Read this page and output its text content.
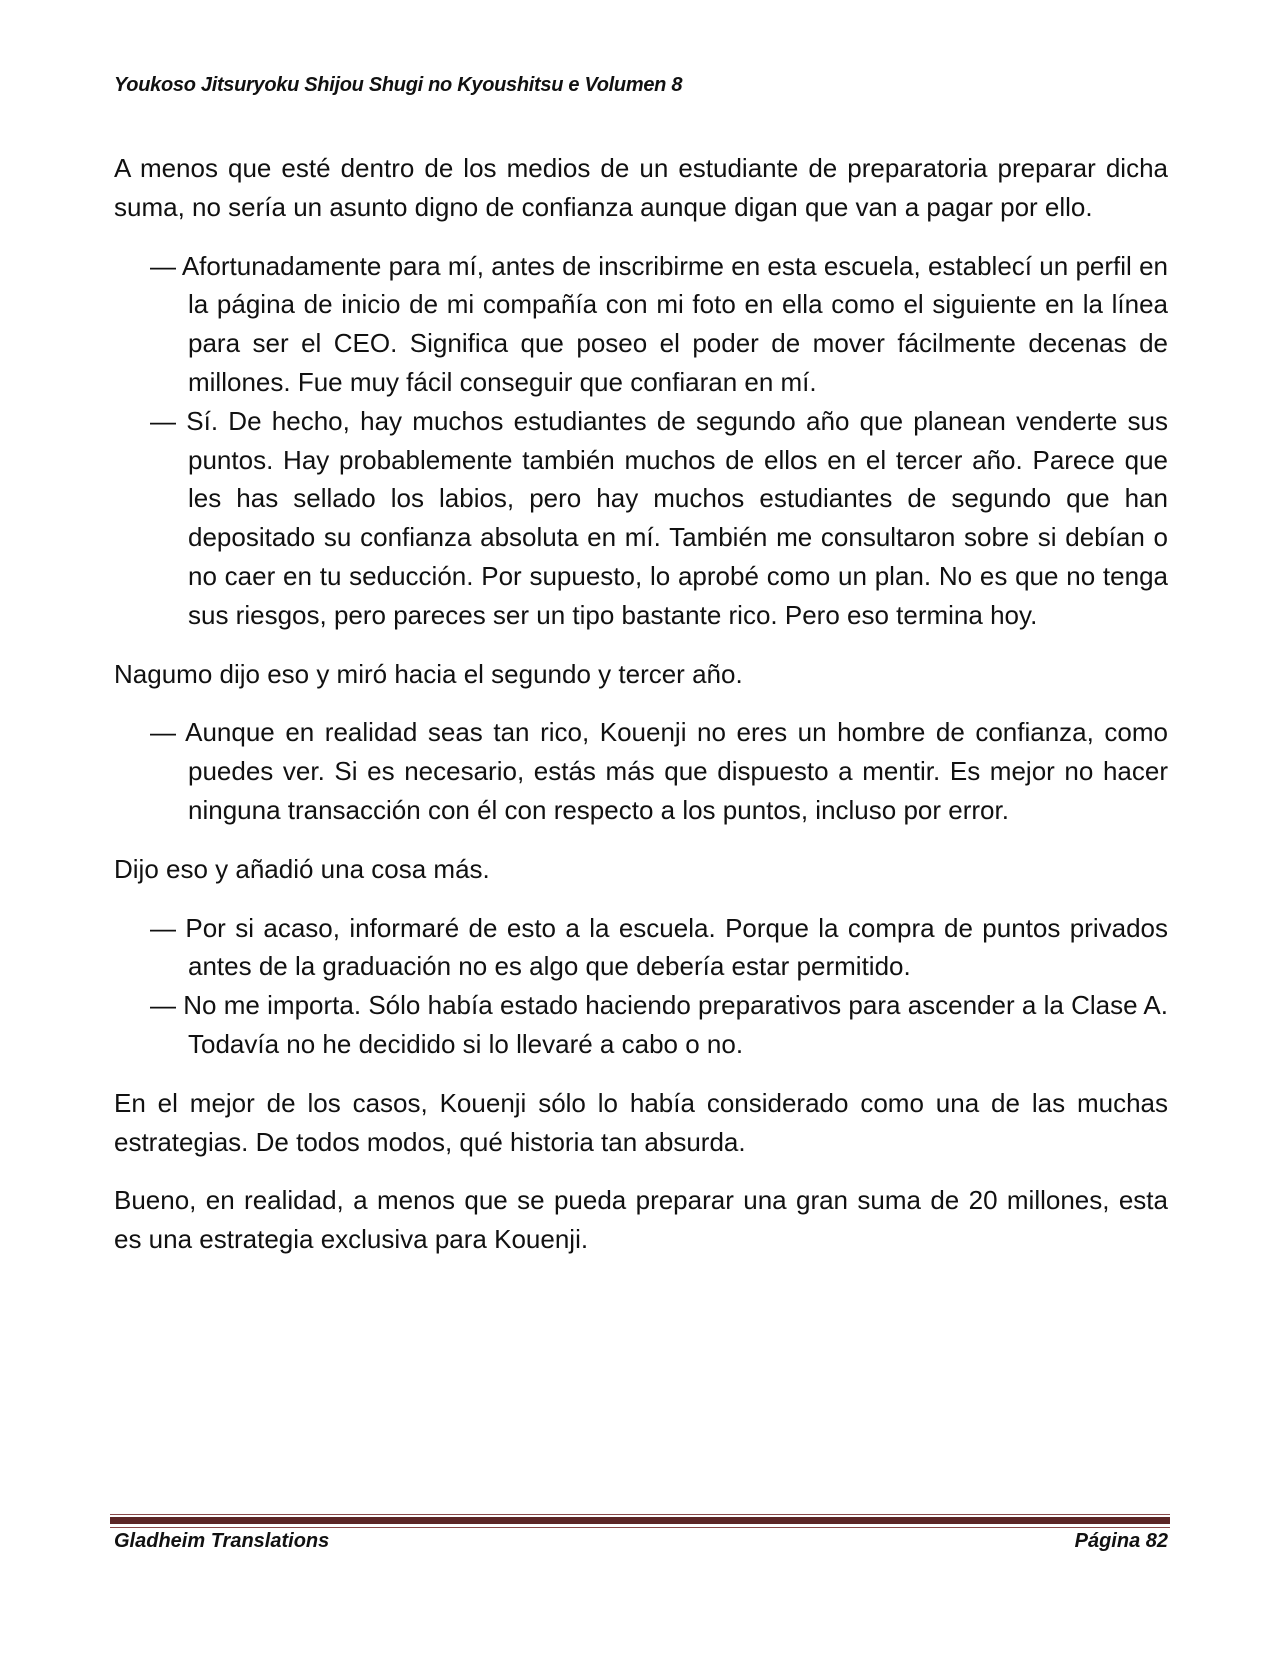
Youkoso Jitsuryoku Shijou Shugi no Kyoushitsu e Volumen 8

A menos que esté dentro de los medios de un estudiante de preparatoria preparar dicha suma, no sería un asunto digno de confianza aunque digan que van a pagar por ello.

— Afortunadamente para mí, antes de inscribirme en esta escuela, establecí un perfil en la página de inicio de mi compañía con mi foto en ella como el siguiente en la línea para ser el CEO. Significa que poseo el poder de mover fácilmente decenas de millones. Fue muy fácil conseguir que confiaran en mí.

— Sí. De hecho, hay muchos estudiantes de segundo año que planean venderte sus puntos. Hay probablemente también muchos de ellos en el tercer año. Parece que les has sellado los labios, pero hay muchos estudiantes de segundo que han depositado su confianza absoluta en mí. También me consultaron sobre si debían o no caer en tu seducción. Por supuesto, lo aprobé como un plan. No es que no tenga sus riesgos, pero pareces ser un tipo bastante rico. Pero eso termina hoy.

Nagumo dijo eso y miró hacia el segundo y tercer año.

— Aunque en realidad seas tan rico, Kouenji no eres un hombre de confianza, como puedes ver. Si es necesario, estás más que dispuesto a mentir. Es mejor no hacer ninguna transacción con él con respecto a los puntos, incluso por error.

Dijo eso y añadió una cosa más.

— Por si acaso, informaré de esto a la escuela. Porque la compra de puntos privados antes de la graduación no es algo que debería estar permitido.

— No me importa. Sólo había estado haciendo preparativos para ascender a la Clase A. Todavía no he decidido si lo llevaré a cabo o no.

En el mejor de los casos, Kouenji sólo lo había considerado como una de las muchas estrategias. De todos modos, qué historia tan absurda.

Bueno, en realidad, a menos que se pueda preparar una gran suma de 20 millones, esta es una estrategia exclusiva para Kouenji.

Gladheim Translations	Página 82
